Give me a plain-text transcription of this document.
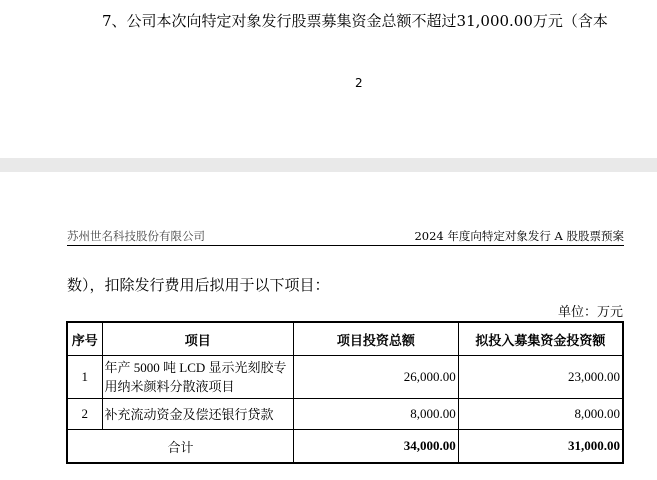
7、公司本次向特定对象发行股票募集资金总额不超过31,000.00万元（含本
2
苏州世名科技股份有限公司	2024 年度向特定对象发行 A 股股票预案
数），扣除发行费用后拟用于以下项目：
单位：万元
序号	项目	项目投资总额	拟投入募集资金投资额
1	年产 5000 吨 LCD 显示光刻胶专用纳米颜料分散液项目	26,000.00	23,000.00
2	补充流动资金及偿还银行贷款	8,000.00	8,000.00
合计		34,000.00	31,000.00
